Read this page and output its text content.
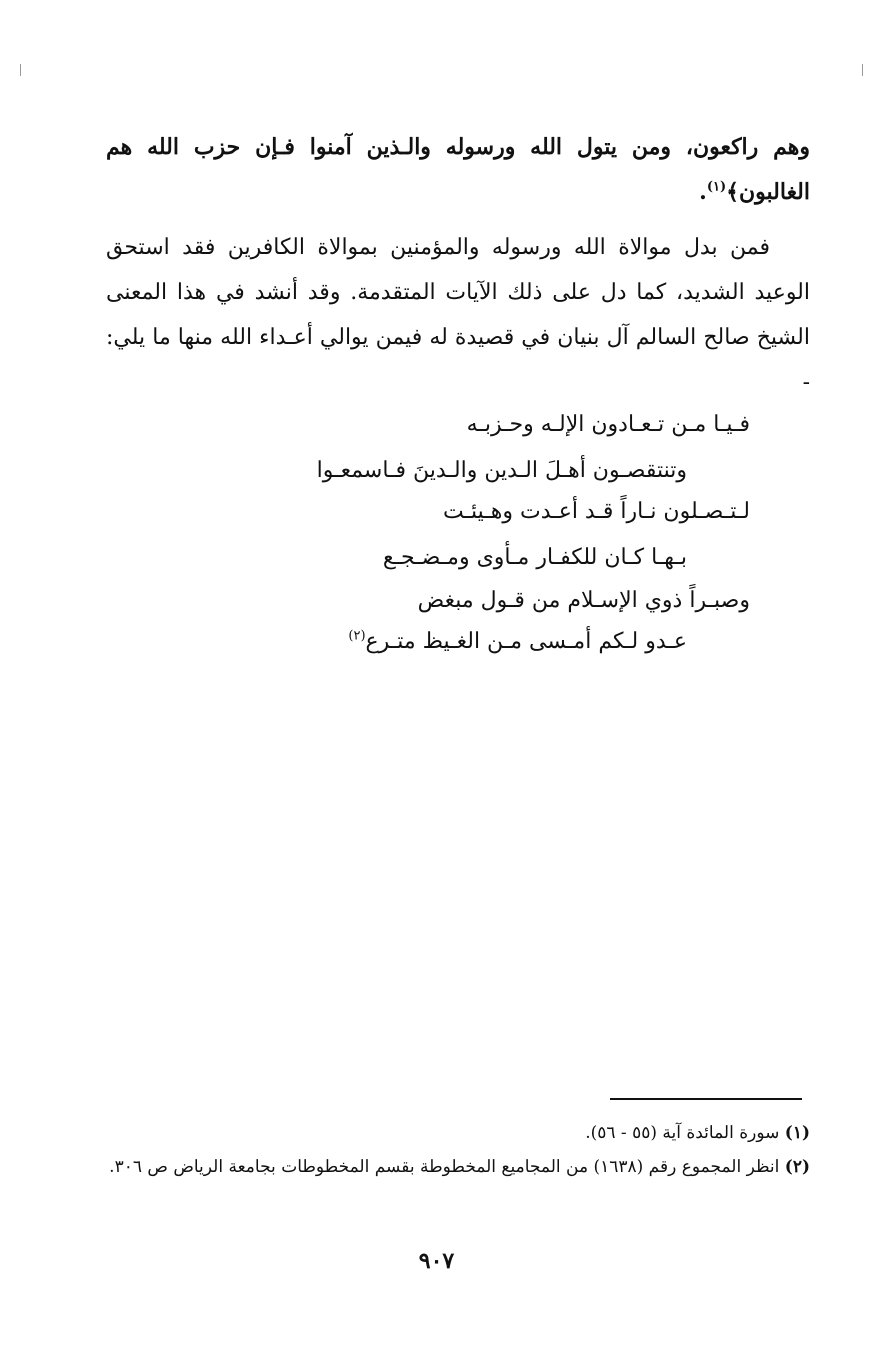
وهم راكعون، ومن يتول الله ورسوله والـذين آمنوا فـإن حزب الله هم الغالبون﴾$^{(١)}$.
فمن بدل موالاة الله ورسوله والمؤمنين بموالاة الكافرين فقد استحق الوعيد الشديد، كما دل على ذلك الآيات المتقدمة. وقد أنشد في هذا المعنى الشيخ صالح السالم آل بنيان في قصيدة له فيمن يوالي أعـداء الله منها ما يلي: -
فـيـا مـن تـعـادون الإلـه وحـزبـه
وتنتقصـون أهـلَ الـدين والـدينَ فـاسمعـوا
لـتـصـلون نـاراً قـد أعـدت وهـيئـت
بـهـا كـان للكفـار مـأوى ومـضـجـع
وصبـراً ذوي الإسـلام من قـول مبغض
عـدو لـكم أمـسى مـن الغـيظ متـرع$^{(٢)}$
(١) سورة المائدة آية (٥٥ - ٥٦).
(٢) انظر المجموع رقم (١٦٣٨) من المجاميع المخطوطة بقسم المخطوطات بجامعة الرياض ص ٣٠٦.
٩٠٧
